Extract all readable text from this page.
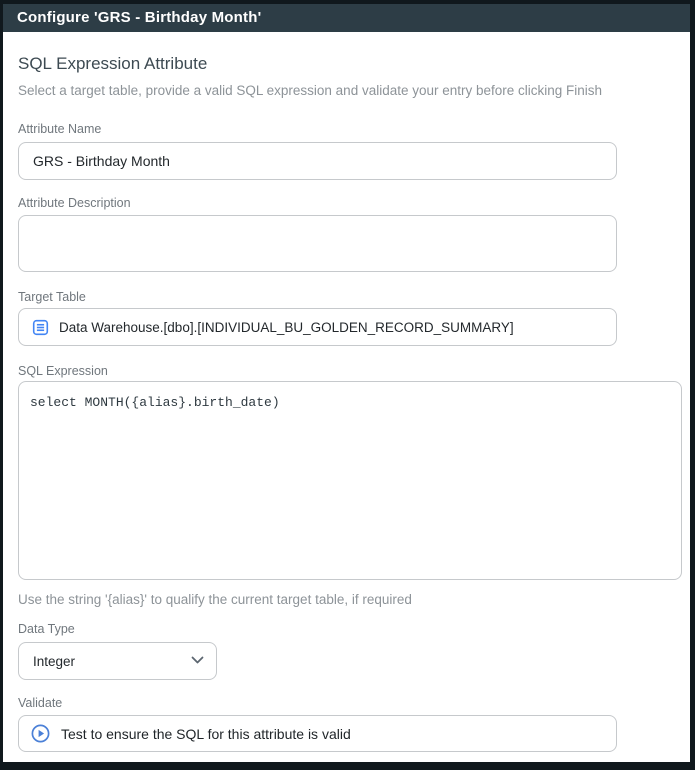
Configure 'GRS - Birthday Month'
SQL Expression Attribute
Select a target table, provide a valid SQL expression and validate your entry before clicking Finish
Attribute Name
GRS - Birthday Month
Attribute Description
Target Table
Data Warehouse.[dbo].[INDIVIDUAL_BU_GOLDEN_RECORD_SUMMARY]
SQL Expression
select MONTH({alias}.birth_date)
Use the string '{alias}' to qualify the current target table, if required
Data Type
Integer
Validate
Test to ensure the SQL for this attribute is valid
